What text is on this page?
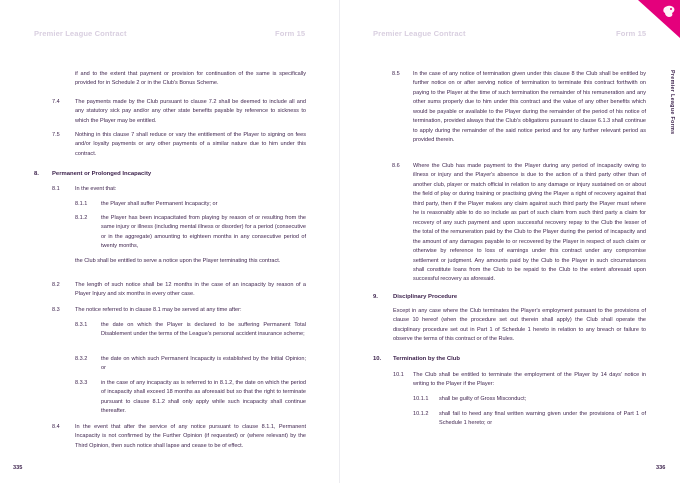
Premier League Contract	Form 15
if and to the extent that payment or provision for continuation of the same is specifically provided for in Schedule 2 or in the Club's Bonus Scheme.
7.4	The payments made by the Club pursuant to clause 7.2 shall be deemed to include all and any statutory sick pay and/or any other state benefits payable by reference to sickness to which the Player may be entitled.
7.5	Nothing in this clause 7 shall reduce or vary the entitlement of the Player to signing on fees and/or loyalty payments or any other payments of a similar nature due to him under this contract.
8. Permanent or Prolonged Incapacity
8.1	In the event that:
8.1.1 the Player shall suffer Permanent Incapacity; or
8.1.2 the Player has been incapacitated from playing by reason of or resulting from the same injury or illness (including mental illness or disorder) for a period (consecutive or in the aggregate) amounting to eighteen months in any consecutive period of twenty months,
the Club shall be entitled to serve a notice upon the Player terminating this contract.
8.2	The length of such notice shall be 12 months in the case of an incapacity by reason of a Player Injury and six months in every other case.
8.3	The notice referred to in clause 8.1 may be served at any time after:
8.3.1 the date on which the Player is declared to be suffering Permanent Total Disablement under the terms of the League's personal accident insurance scheme;
8.3.2 the date on which such Permanent Incapacity is established by the Initial Opinion; or
8.3.3 in the case of any incapacity as is referred to in 8.1.2, the date on which the period of incapacity shall exceed 18 months as aforesaid but so that the right to terminate pursuant to clause 8.1.2 shall only apply while such incapacity shall continue thereafter.
8.4	In the event that after the service of any notice pursuant to clause 8.1.1, Permanent Incapacity is not confirmed by the Further Opinion (if requested) or (where relevant) by the Third Opinion, then such notice shall lapse and cease to be of effect.
335
Premier League Contract	Form 15
Premier League Forms
8.5 In the case of any notice of termination given under this clause 8 the Club shall be entitled by further notice on or after serving notice of termination to terminate this contract forthwith on paying to the Player at the time of such termination the remainder of his remuneration and any other sums properly due to him under this contract and the value of any other benefits which would be payable or available to the Player during the remainder of the period of his notice of termination, provided always that the Club's obligations pursuant to clause 6.1.3 shall continue to apply during the remainder of the said notice period and for any further relevant period as provided therein.
8.6 Where the Club has made payment to the Player during any period of incapacity owing to illness or injury and the Player's absence is due to the action of a third party other than of another club, player or match official in relation to any damage or injury sustained on or about the field of play or during training or practising giving the Player a right of recovery against that third party, then if the Player makes any claim against such third party the Player must where he is reasonably able to do so include as part of such claim from such third party a claim for recovery of any such payment and upon successful recovery repay to the Club the lesser of the total of the remuneration paid by the Club to the Player during the period of incapacity and the amount of any damages payable to or recovered by the Player in respect of such claim or otherwise by reference to loss of earnings under this contract under any compromise settlement or judgment. Any amounts paid by the Club to the Player in such circumstances shall constitute loans from the Club to be repaid to the Club to the extent aforesaid upon successful recovery as aforesaid.
9.	Disciplinary Procedure
Except in any case where the Club terminates the Player's employment pursuant to the provisions of clause 10 hereof (when the procedure set out therein shall apply) the Club shall operate the disciplinary procedure set out in Part 1 of Schedule 1 hereto in relation to any breach or failure to observe the terms of this contract or of the Rules.
10. Termination by the Club
10.1 The Club shall be entitled to terminate the employment of the Player by 14 days' notice in writing to the Player if the Player:
10.1.1 shall be guilty of Gross Misconduct;
10.1.2 shall fail to heed any final written warning given under the provisions of Part 1 of Schedule 1 hereto; or
336
